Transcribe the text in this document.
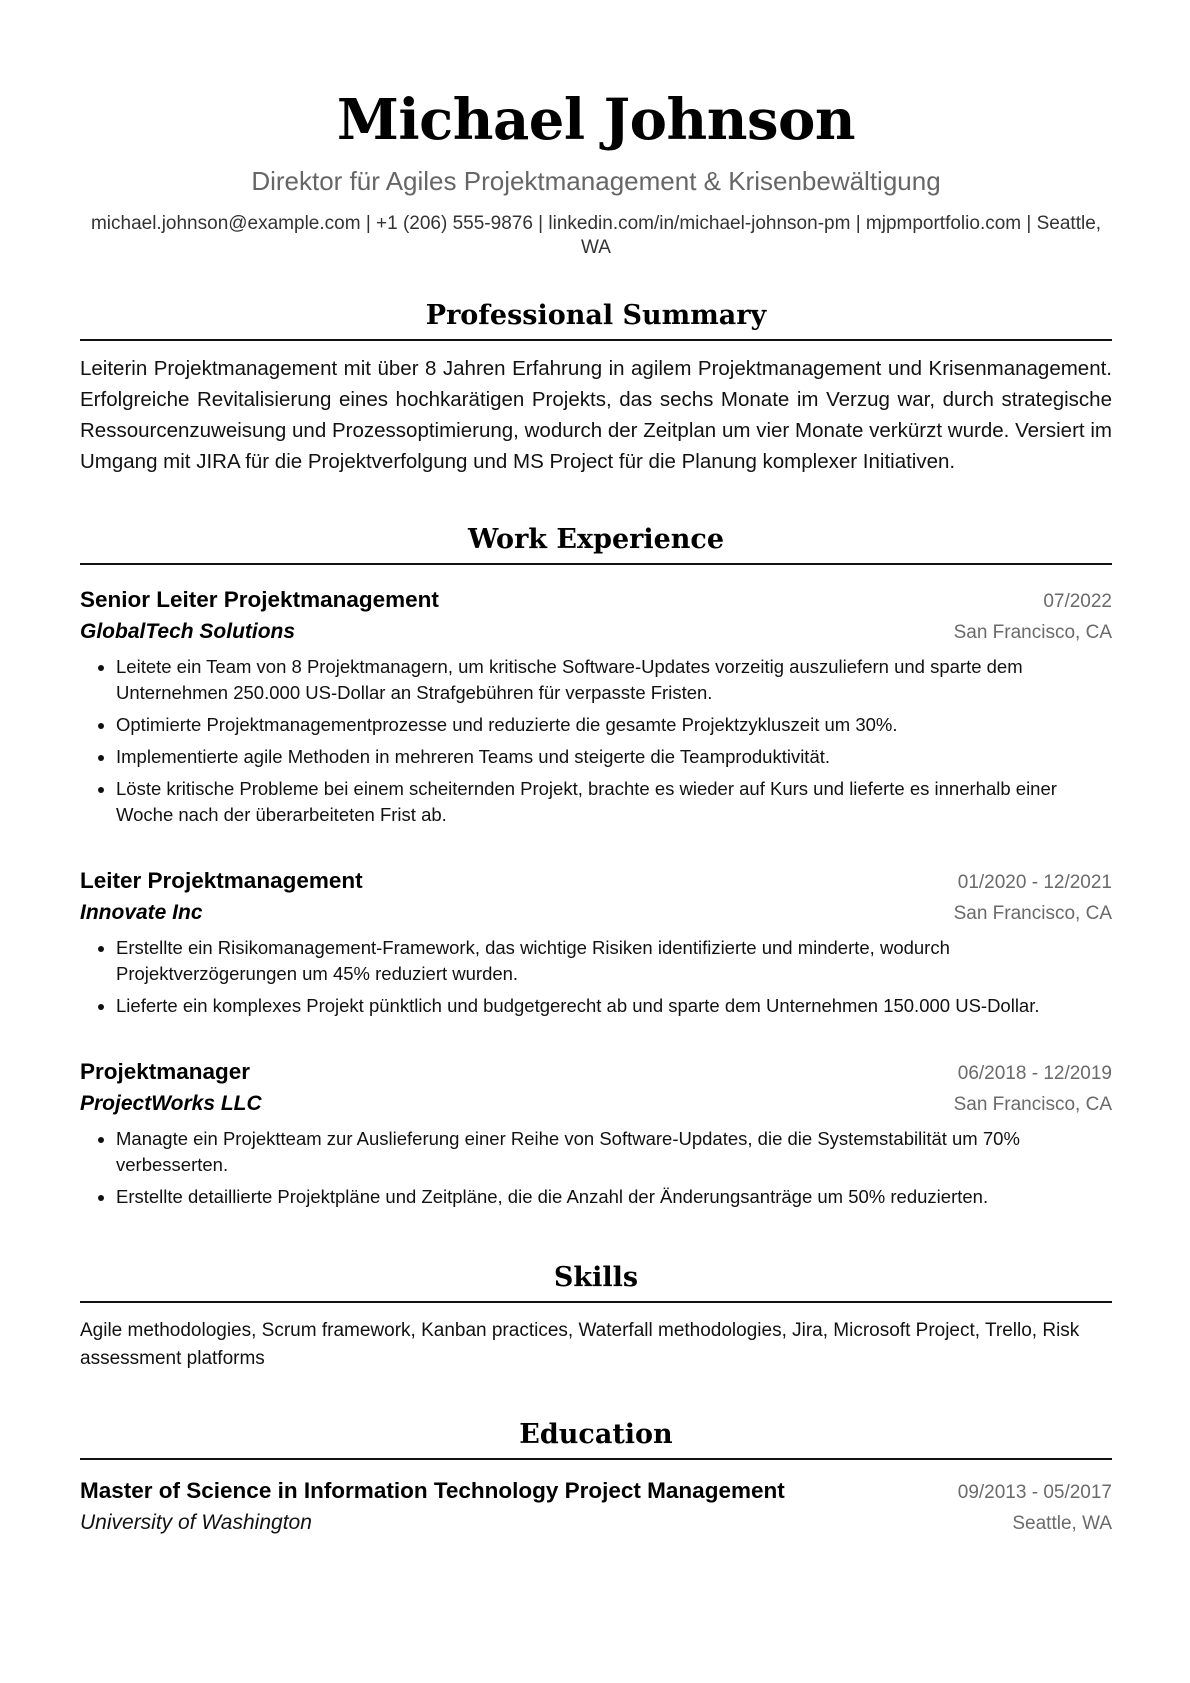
Michael Johnson
Direktor für Agiles Projektmanagement & Krisenbewältigung
michael.johnson@example.com | +1 (206) 555-9876 | linkedin.com/in/michael-johnson-pm | mjpmportfolio.com | Seattle, WA
Professional Summary
Leiterin Projektmanagement mit über 8 Jahren Erfahrung in agilem Projektmanagement und Krisenmanagement. Erfolgreiche Revitalisierung eines hochkarätigen Projekts, das sechs Monate im Verzug war, durch strategische Ressourcenzuweisung und Prozessoptimierung, wodurch der Zeitplan um vier Monate verkürzt wurde. Versiert im Umgang mit JIRA für die Projektverfolgung und MS Project für die Planung komplexer Initiativen.
Work Experience
Senior Leiter Projektmanagement	07/2022
GlobalTech Solutions	San Francisco, CA
• Leitete ein Team von 8 Projektmanagern, um kritische Software-Updates vorzeitig auszuliefern und sparte dem Unternehmen 250.000 US-Dollar an Strafgebühren für verpasste Fristen.
• Optimierte Projektmanagementprozesse und reduzierte die gesamte Projektzykluszeit um 30%.
• Implementierte agile Methoden in mehreren Teams und steigerte die Teamproduktivität.
• Löste kritische Probleme bei einem scheiternden Projekt, brachte es wieder auf Kurs und lieferte es innerhalb einer Woche nach der überarbeiteten Frist ab.
Leiter Projektmanagement	01/2020 - 12/2021
Innovate Inc	San Francisco, CA
• Erstellte ein Risikomanagement-Framework, das wichtige Risiken identifizierte und minderte, wodurch Projektverzögerungen um 45% reduziert wurden.
• Lieferte ein komplexes Projekt pünktlich und budgetgerecht ab und sparte dem Unternehmen 150.000 US-Dollar.
Projektmanager	06/2018 - 12/2019
ProjectWorks LLC	San Francisco, CA
• Managte ein Projektteam zur Auslieferung einer Reihe von Software-Updates, die die Systemstabilität um 70% verbesserten.
• Erstellte detaillierte Projektpläne und Zeitpläne, die die Anzahl der Änderungsanträge um 50% reduzierten.
Skills
Agile methodologies, Scrum framework, Kanban practices, Waterfall methodologies, Jira, Microsoft Project, Trello, Risk assessment platforms
Education
Master of Science in Information Technology Project Management	09/2013 - 05/2017
University of Washington	Seattle, WA
